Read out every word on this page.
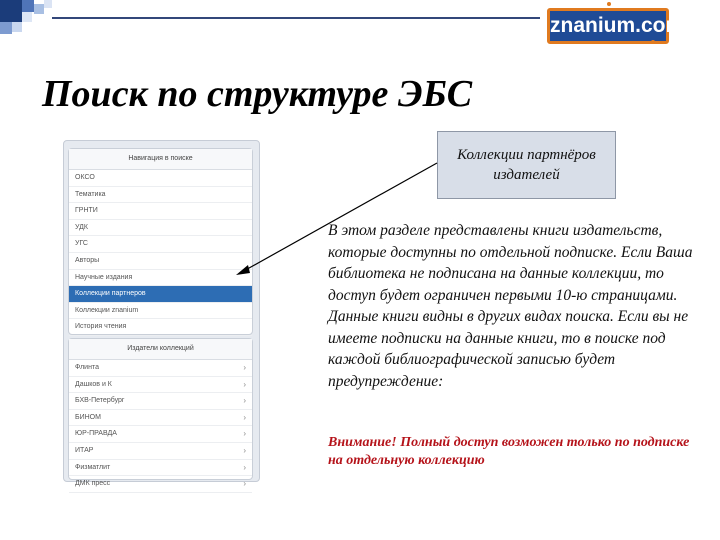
znanium.com
Поиск по структуре ЭБС
Навигация в поиске
ОКСО
Тематика
ГРНТИ
УДК
УГС
Авторы
Научные издания
Коллекции партнеров
Коллекции znanium
История чтения
Издатели коллекций
Флинта	›
Дашков и К	›
БХВ-Петербург	›
БИНОМ	›
ЮР-ПРАВДА	›
ИТАР	›
Физматлит	›
ДМК пресс	›
Коллекции партнёров издателей
В этом разделе представлены книги издательств, которые доступны по отдельной подписке. Если Ваша библиотека не подписана на данные коллекции, то доступ будет ограничен первыми 10-ю страницами. Данные книги видны в других видах поиска. Если вы не имеете подписки на данные книги, то в поиске под каждой библиографической записью будет предупреждение:
Внимание! Полный доступ возможен только по подписке на отдельную коллекцию
